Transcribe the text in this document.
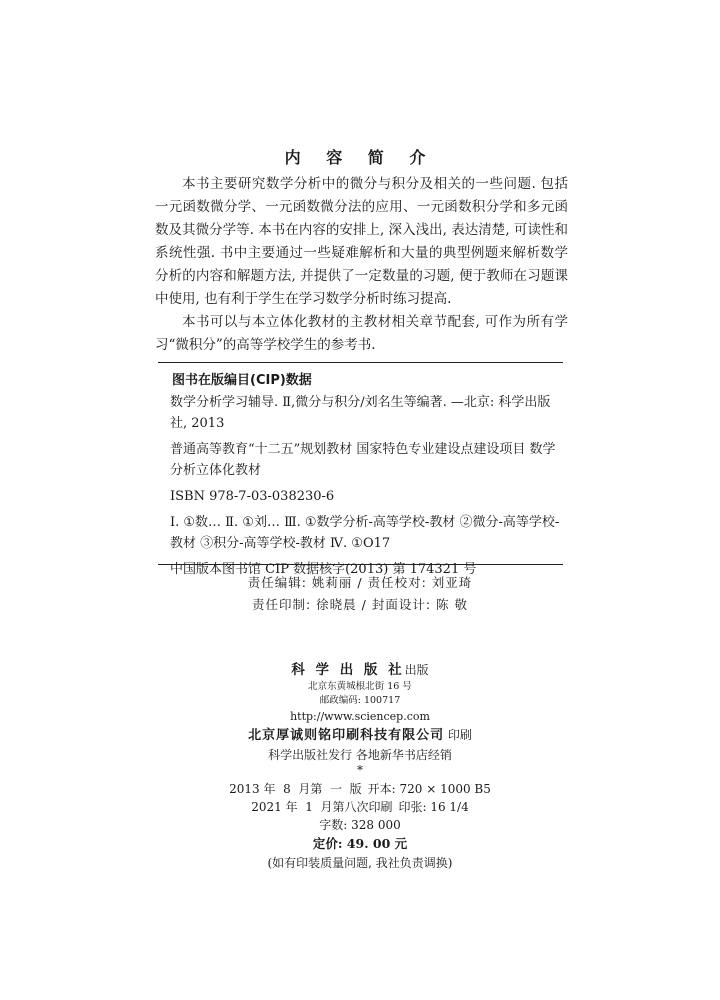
内 容 简 介

本书主要研究数学分析中的微分与积分及相关的一些问题. 包括一元函数微分学、一元函数微分法的应用、一元函数积分学和多元函数及其微分学等. 本书在内容的安排上, 深入浅出, 表达清楚, 可读性和系统性强. 书中主要通过一些疑难解析和大量的典型例题来解析数学分析的内容和解题方法, 并提供了一定数量的习题, 便于教师在习题课中使用, 也有利于学生在学习数学分析时练习提高.

本书可以与本立体化教材的主教材相关章节配套, 可作为所有学习“微积分”的高等学校学生的参考书.

图书在版编目(CIP)数据

数学分析学习辅导. Ⅱ,微分与积分/刘名生等编著. —北京: 科学出版社, 2013

普通高等教育“十二五”规划教材 国家特色专业建设点建设项目 数学分析立体化教材

ISBN 978-7-03-038230-6

Ⅰ. ①数… Ⅱ. ①刘… Ⅲ. ①数学分析-高等学校-教材 ②微分-高等学校-教材 ③积分-高等学校-教材 Ⅳ. ①O17

中国版本图书馆 CIP 数据核字(2013) 第 174321 号

责任编辑: 姚莉丽 / 责任校对: 刘亚琦
责任印制: 徐晓晨 / 封面设计: 陈 敬
科 学 出 版 社出版
北京东黄城根北街 16 号
邮政编码: 100717
http://www.sciencep.com
北京厚诚则铭印刷科技有限公司 印刷
科学出版社发行 各地新华书店经销
*
2013 年  8  月第  一  版 开本: 720 × 1000 B5
2021 年  1  月第八次印刷 印张: 16 1/4
字数: 328 000
定价: 49. 00 元
(如有印装质量问题, 我社负责调换)
